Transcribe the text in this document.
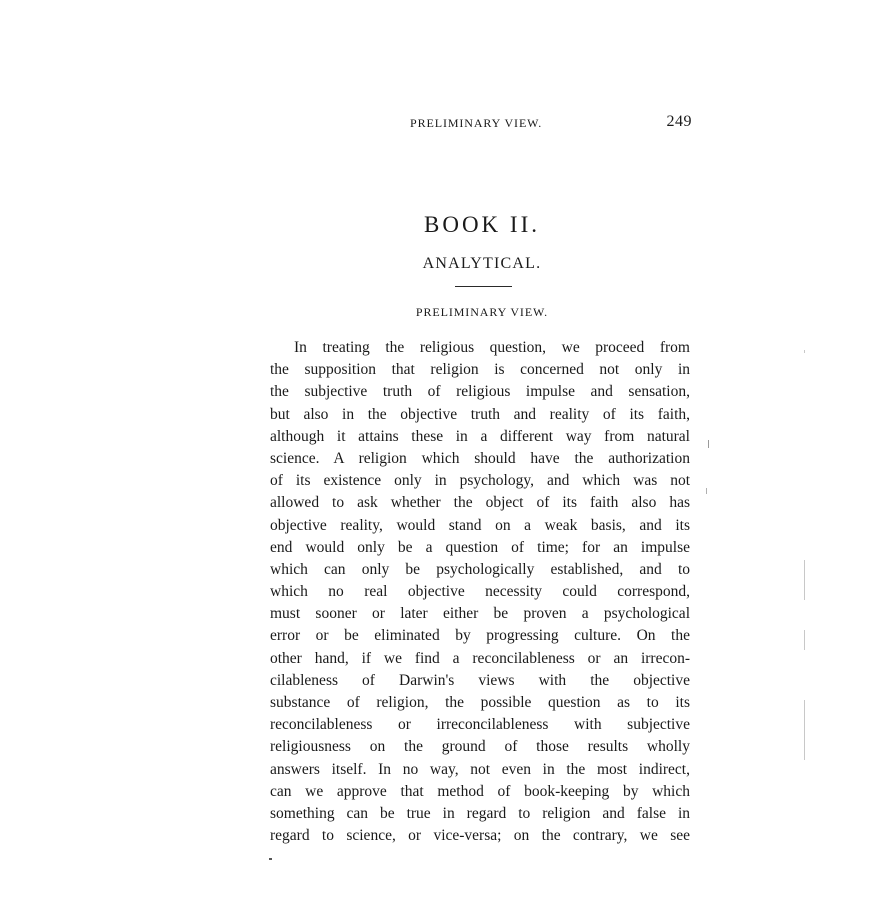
PRELIMINARY VIEW.	249
BOOK II.
ANALYTICAL.
PRELIMINARY VIEW.
In treating the religious question, we proceed from
the supposition that religion is concerned not only in
the subjective truth of religious impulse and sensation,
but also in the objective truth and reality of its faith,
although it attains these in a different way from natural
science. A religion which should have the authorization
of its existence only in psychology, and which was not
allowed to ask whether the object of its faith also has
objective reality, would stand on a weak basis, and its
end would only be a question of time; for an impulse
which can only be psychologically established, and to
which no real objective necessity could correspond,
must sooner or later either be proven a psychological
error or be eliminated by progressing culture. On the
other hand, if we find a reconcilableness or an irrecon-
cilableness of Darwin's views with the objective
substance of religion, the possible question as to its
reconcilableness or irreconcilableness with subjective
religiousness on the ground of those results wholly
answers itself. In no way, not even in the most indirect,
can we approve that method of book-keeping by which
something can be true in regard to religion and false in
regard to science, or vice-versa; on the contrary, we see
